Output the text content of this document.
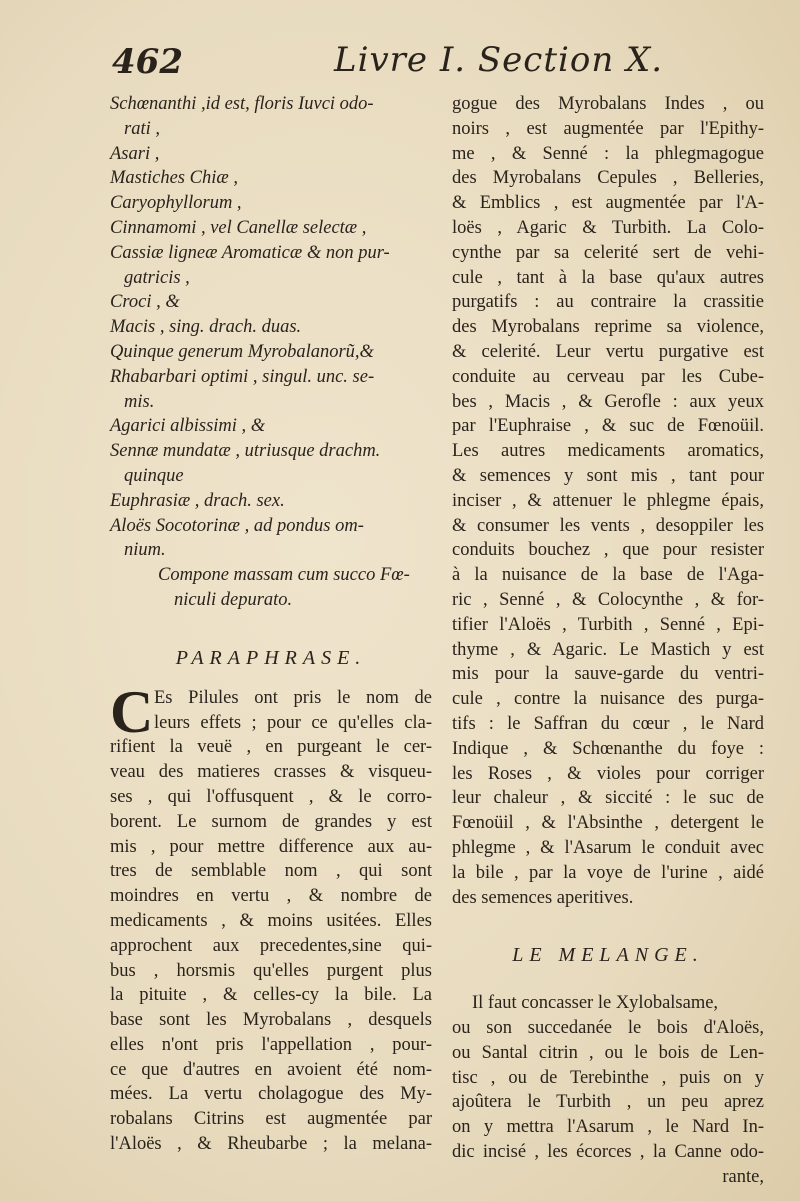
462	Livre I. Section X.

Schœnanthi ,id est, floris Iuvci odo-

rati ,

Asari ,

Mastiches Chiæ ,

Caryophyllorum ,

Cinnamomi , vel Canellæ selectæ ,

Cassiæ ligneæ Aromaticæ & non pur-

gatricis ,

Croci , &

Macis , sing. drach. duas.

Quinque generum Myrobalanorũ,&

Rhabarbari optimi , singul. unc. se-

mis.

Agarici albissimi , &

Sennæ mundatæ , utriusque drachm.

quinque

Euphrasiæ , drach. sex.

Aloës Socotorinæ , ad pondus om-

nium.

Compone massam cum succo Fœ-

niculi depurato.

PARAPHRASE.

C Es Pilules ont pris le nom de

leurs effets ; pour ce qu'elles cla-

rifient la veuë , en purgeant le cer-

veau des matieres crasses & visqueu-

ses , qui l'offusquent , & le corro-

borent. Le surnom de grandes y est

mis , pour mettre difference aux au-

tres de semblable nom , qui sont

moindres en vertu , & nombre de

medicaments , & moins usitées. Elles

approchent aux precedentes,sine qui-

bus , horsmis qu'elles purgent plus

la pituite , & celles-cy la bile. La

base sont les Myrobalans , desquels

elles n'ont pris l'appellation , pour-

ce que d'autres en avoient été nom-

mées. La vertu cholagogue des My-

robalans Citrins est augmentée par

l'Aloës , & Rheubarbe ; la melana-

gogue des Myrobalans Indes , ou

noirs , est augmentée par l'Epithy-

me , & Senné : la phlegmagogue

des Myrobalans Cepules , Belleries,

& Emblics , est augmentée par l'A-

loës , Agaric & Turbith. La Colo-

cynthe par sa celerité sert de vehi-

cule , tant à la base qu'aux autres

purgatifs : au contraire la crassitie

des Myrobalans reprime sa violence,

& celerité. Leur vertu purgative est

conduite au cerveau par les Cube-

bes , Macis , & Gerofle : aux yeux

par l'Euphraise , & suc de Fœnoüil.

Les autres medicaments aromatics,

& semences y sont mis , tant pour

inciser , & attenuer le phlegme épais,

& consumer les vents , desoppiler les

conduits bouchez , que pour resister

à la nuisance de la base de l'Aga-

ric , Senné , & Colocynthe , & for-

tifier l'Aloës , Turbith , Senné , Epi-

thyme , & Agaric. Le Mastich y est

mis pour la sauve-garde du ventri-

cule , contre la nuisance des purga-

tifs : le Saffran du cœur , le Nard

Indique , & Schœnanthe du foye :

les Roses , & violes pour corriger

leur chaleur , & siccité : le suc de

Fœnoüil , & l'Absinthe , detergent le

phlegme , & l'Asarum le conduit avec

la bile , par la voye de l'urine , aidé

des semences aperitives.

LE MELANGE.

Il faut concasser le Xylobalsame,

ou son succedanée le bois d'Aloës,

ou Santal citrin , ou le bois de Len-

tisc , ou de Terebinthe , puis on y

ajoûtera le Turbith , un peu aprez

on y mettra l'Asarum , le Nard In-

dic incisé , les écorces , la Canne odo-

rante,
